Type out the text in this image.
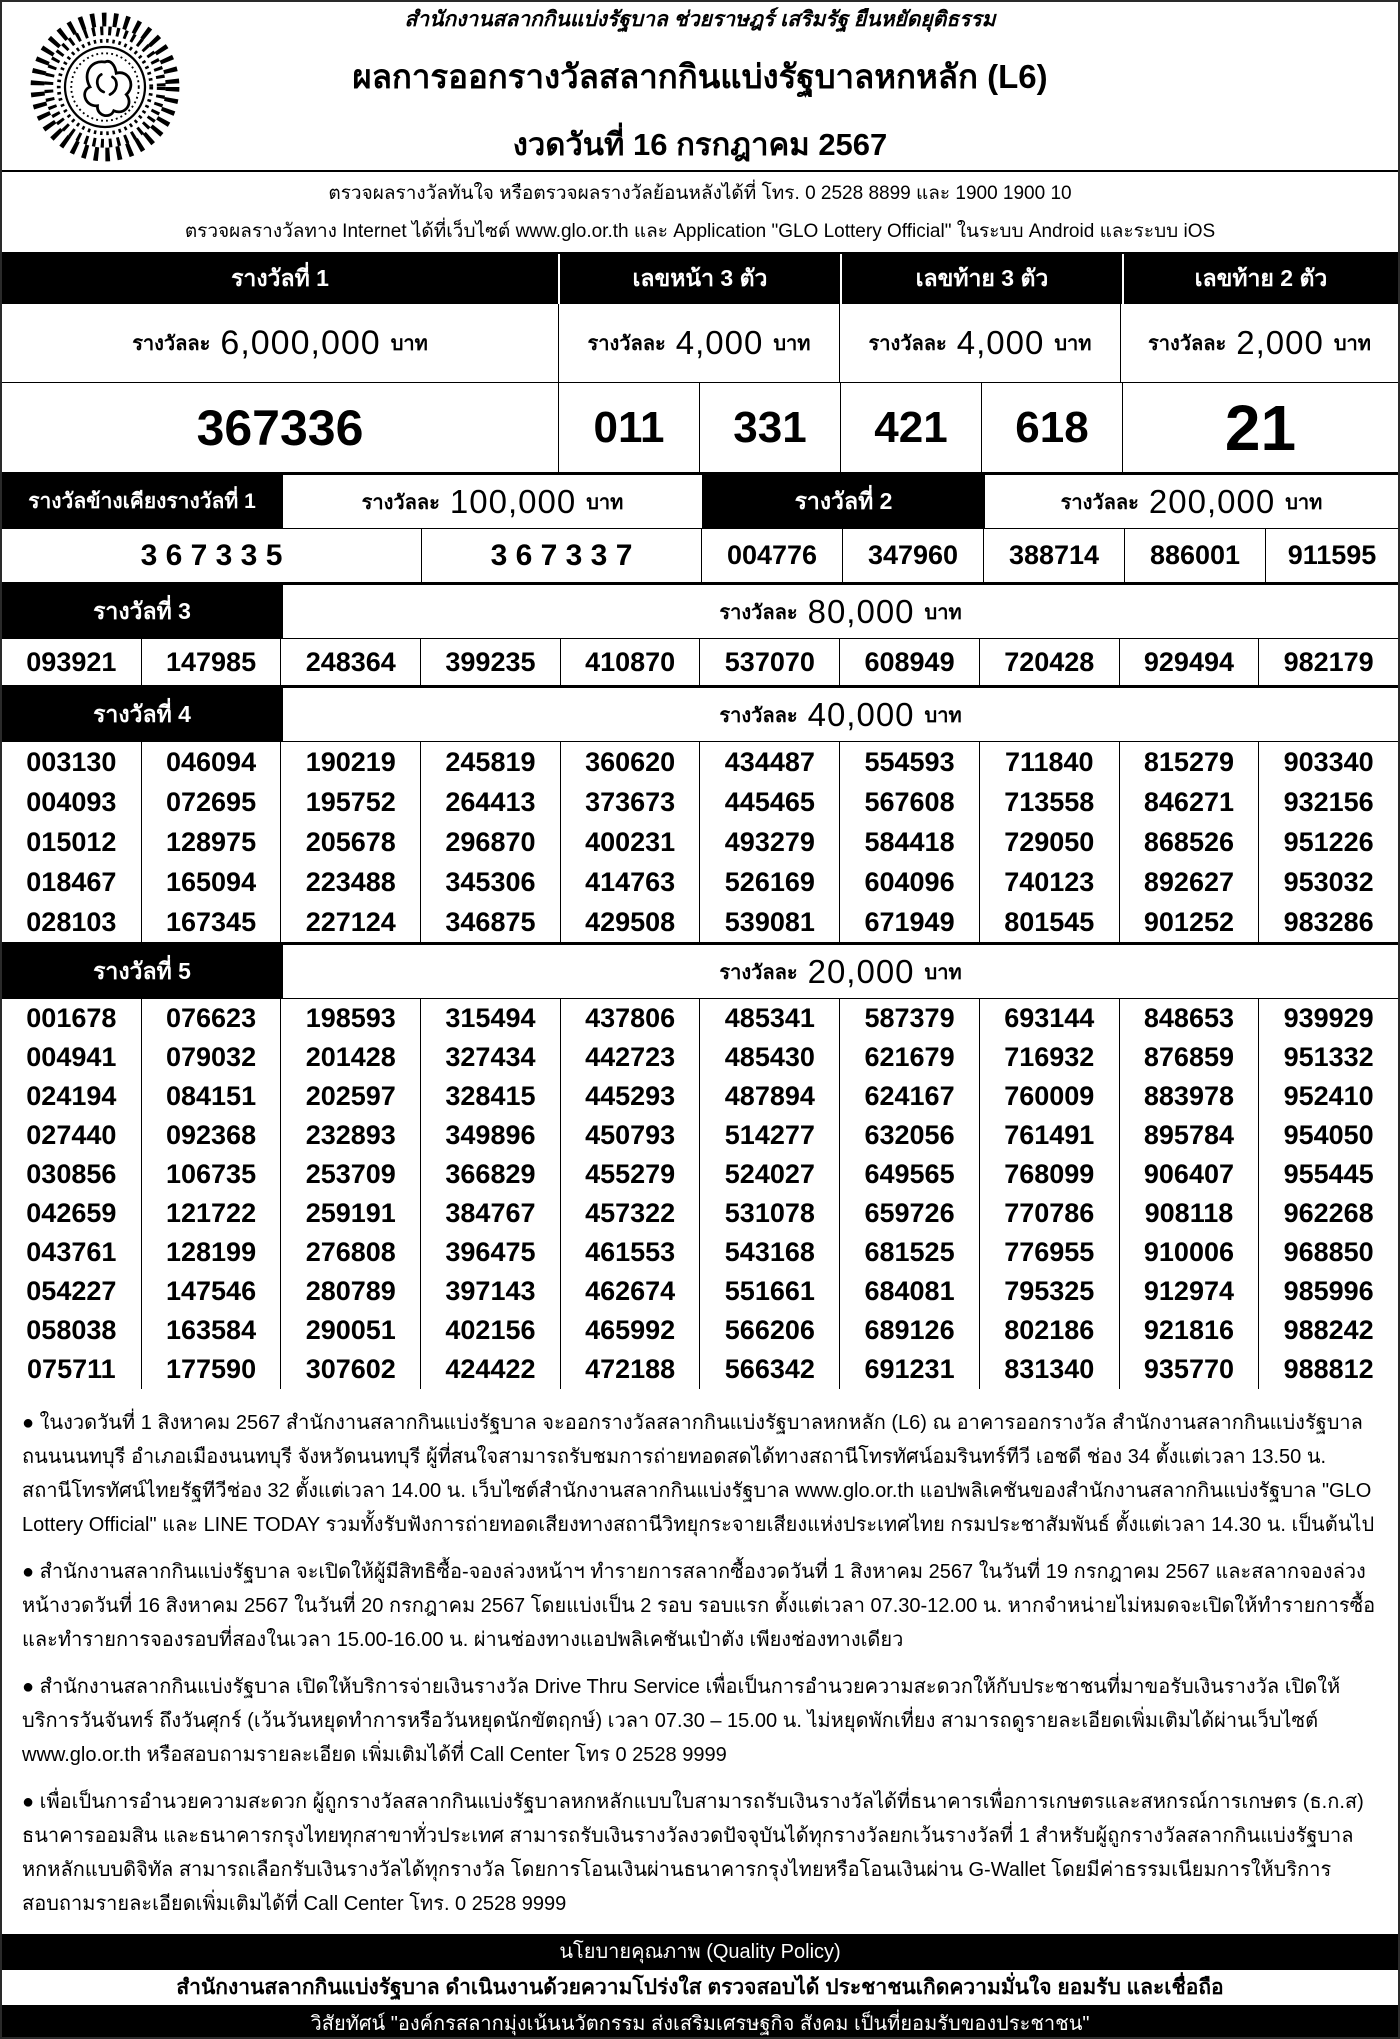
สำนักงานสลากกินแบ่งรัฐบาล ช่วยราษฎร์ เสริมรัฐ ยืนหยัดยุติธรรม
ผลการออกรางวัลสลากกินแบ่งรัฐบาลหกหลัก (L6)
งวดวันที่ 16 กรกฎาคม 2567
ตรวจผลรางวัลทันใจ หรือตรวจผลรางวัลย้อนหลังได้ที่ โทร. 0 2528 8899 และ 1900 1900 10
ตรวจผลรางวัลทาง Internet ได้ที่เว็บไซต์ www.glo.or.th และ Application "GLO Lottery Official" ในระบบ Android และระบบ iOS
รางวัลที่ 1	เลขหน้า 3 ตัว	เลขท้าย 3 ตัว	เลขท้าย 2 ตัว
รางวัลละ 6,000,000 บาท	รางวัลละ 4,000 บาท	รางวัลละ 4,000 บาท	รางวัลละ 2,000 บาท
367336	011	331	421	618	21
รางวัลข้างเคียงรางวัลที่ 1	รางวัลละ 100,000 บาท	รางวัลที่ 2	รางวัลละ 200,000 บาท
3 6 7 3 3 5	3 6 7 3 3 7	004776	347960	388714	886001	911595
รางวัลที่ 3	รางวัลละ 80,000 บาท
093921	147985	248364	399235	410870	537070	608949	720428	929494	982179
รางวัลที่ 4	รางวัลละ 40,000 บาท
003130	046094	190219	245819	360620	434487	554593	711840	815279	903340
004093	072695	195752	264413	373673	445465	567608	713558	846271	932156
015012	128975	205678	296870	400231	493279	584418	729050	868526	951226
018467	165094	223488	345306	414763	526169	604096	740123	892627	953032
028103	167345	227124	346875	429508	539081	671949	801545	901252	983286
รางวัลที่ 5	รางวัลละ 20,000 บาท
001678	076623	198593	315494	437806	485341	587379	693144	848653	939929
004941	079032	201428	327434	442723	485430	621679	716932	876859	951332
024194	084151	202597	328415	445293	487894	624167	760009	883978	952410
027440	092368	232893	349896	450793	514277	632056	761491	895784	954050
030856	106735	253709	366829	455279	524027	649565	768099	906407	955445
042659	121722	259191	384767	457322	531078	659726	770786	908118	962268
043761	128199	276808	396475	461553	543168	681525	776955	910006	968850
054227	147546	280789	397143	462674	551661	684081	795325	912974	985996
058038	163584	290051	402156	465992	566206	689126	802186	921816	988242
075711	177590	307602	424422	472188	566342	691231	831340	935770	988812

● ในงวดวันที่ 1 สิงหาคม 2567 สำนักงานสลากกินแบ่งรัฐบาล จะออกรางวัลสลากกินแบ่งรัฐบาลหกหลัก (L6) ณ อาคารออกรางวัล สำนักงานสลากกินแบ่งรัฐบาล ถนนนนทบุรี อำเภอเมืองนนทบุรี จังหวัดนนทบุรี ผู้ที่สนใจสามารถรับชมการถ่ายทอดสดได้ทางสถานีโทรทัศน์อมรินทร์ทีวี เอชดี ช่อง 34 ตั้งแต่เวลา 13.50 น. สถานีโทรทัศน์ไทยรัฐทีวีช่อง 32 ตั้งแต่เวลา 14.00 น. เว็บไซต์สำนักงานสลากกินแบ่งรัฐบาล www.glo.or.th แอปพลิเคชันของสำนักงานสลากกินแบ่งรัฐบาล "GLO Lottery Official" และ LINE TODAY รวมทั้งรับฟังการถ่ายทอดเสียงทางสถานีวิทยุกระจายเสียงแห่งประเทศไทย กรมประชาสัมพันธ์ ตั้งแต่เวลา 14.30 น. เป็นต้นไป

● สำนักงานสลากกินแบ่งรัฐบาล จะเปิดให้ผู้มีสิทธิซื้อ-จองล่วงหน้าฯ ทำรายการสลากซื้องวดวันที่ 1 สิงหาคม 2567 ในวันที่ 19 กรกฎาคม 2567 และสลากจองล่วงหน้างวดวันที่ 16 สิงหาคม 2567 ในวันที่ 20 กรกฎาคม 2567 โดยแบ่งเป็น 2 รอบ รอบแรก ตั้งแต่เวลา 07.30-12.00 น. หากจำหน่ายไม่หมดจะเปิดให้ทำรายการซื้อและทำรายการจองรอบที่สองในเวลา 15.00-16.00 น. ผ่านช่องทางแอปพลิเคชันเป๋าตัง เพียงช่องทางเดียว

● สำนักงานสลากกินแบ่งรัฐบาล เปิดให้บริการจ่ายเงินรางวัล Drive Thru Service เพื่อเป็นการอำนวยความสะดวกให้กับประชาชนที่มาขอรับเงินรางวัล เปิดให้บริการวันจันทร์ ถึงวันศุกร์ (เว้นวันหยุดทำการหรือวันหยุดนักขัตฤกษ์) เวลา 07.30 – 15.00 น. ไม่หยุดพักเที่ยง สามารถดูรายละเอียดเพิ่มเติมได้ผ่านเว็บไซต์ www.glo.or.th หรือสอบถามรายละเอียด เพิ่มเติมได้ที่ Call Center โทร 0 2528 9999

● เพื่อเป็นการอำนวยความสะดวก ผู้ถูกรางวัลสลากกินแบ่งรัฐบาลหกหลักแบบใบสามารถรับเงินรางวัลได้ที่ธนาคารเพื่อการเกษตรและสหกรณ์การเกษตร (ธ.ก.ส) ธนาคารออมสิน และธนาคารกรุงไทยทุกสาขาทั่วประเทศ สามารถรับเงินรางวัลงวดปัจจุบันได้ทุกรางวัลยกเว้นรางวัลที่ 1 สำหรับผู้ถูกรางวัลสลากกินแบ่งรัฐบาลหกหลักแบบดิจิทัล สามารถเลือกรับเงินรางวัลได้ทุกรางวัล โดยการโอนเงินผ่านธนาคารกรุงไทยหรือโอนเงินผ่าน G-Wallet โดยมีค่าธรรมเนียมการให้บริการ สอบถามรายละเอียดเพิ่มเติมได้ที่ Call Center โทร. 0 2528 9999

นโยบายคุณภาพ (Quality Policy)
สำนักงานสลากกินแบ่งรัฐบาล ดำเนินงานด้วยความโปร่งใส ตรวจสอบได้ ประชาชนเกิดความมั่นใจ ยอมรับ และเชื่อถือ
วิสัยทัศน์ "องค์กรสลากมุ่งเน้นนวัตกรรม ส่งเสริมเศรษฐกิจ สังคม เป็นที่ยอมรับของประชาชน"
